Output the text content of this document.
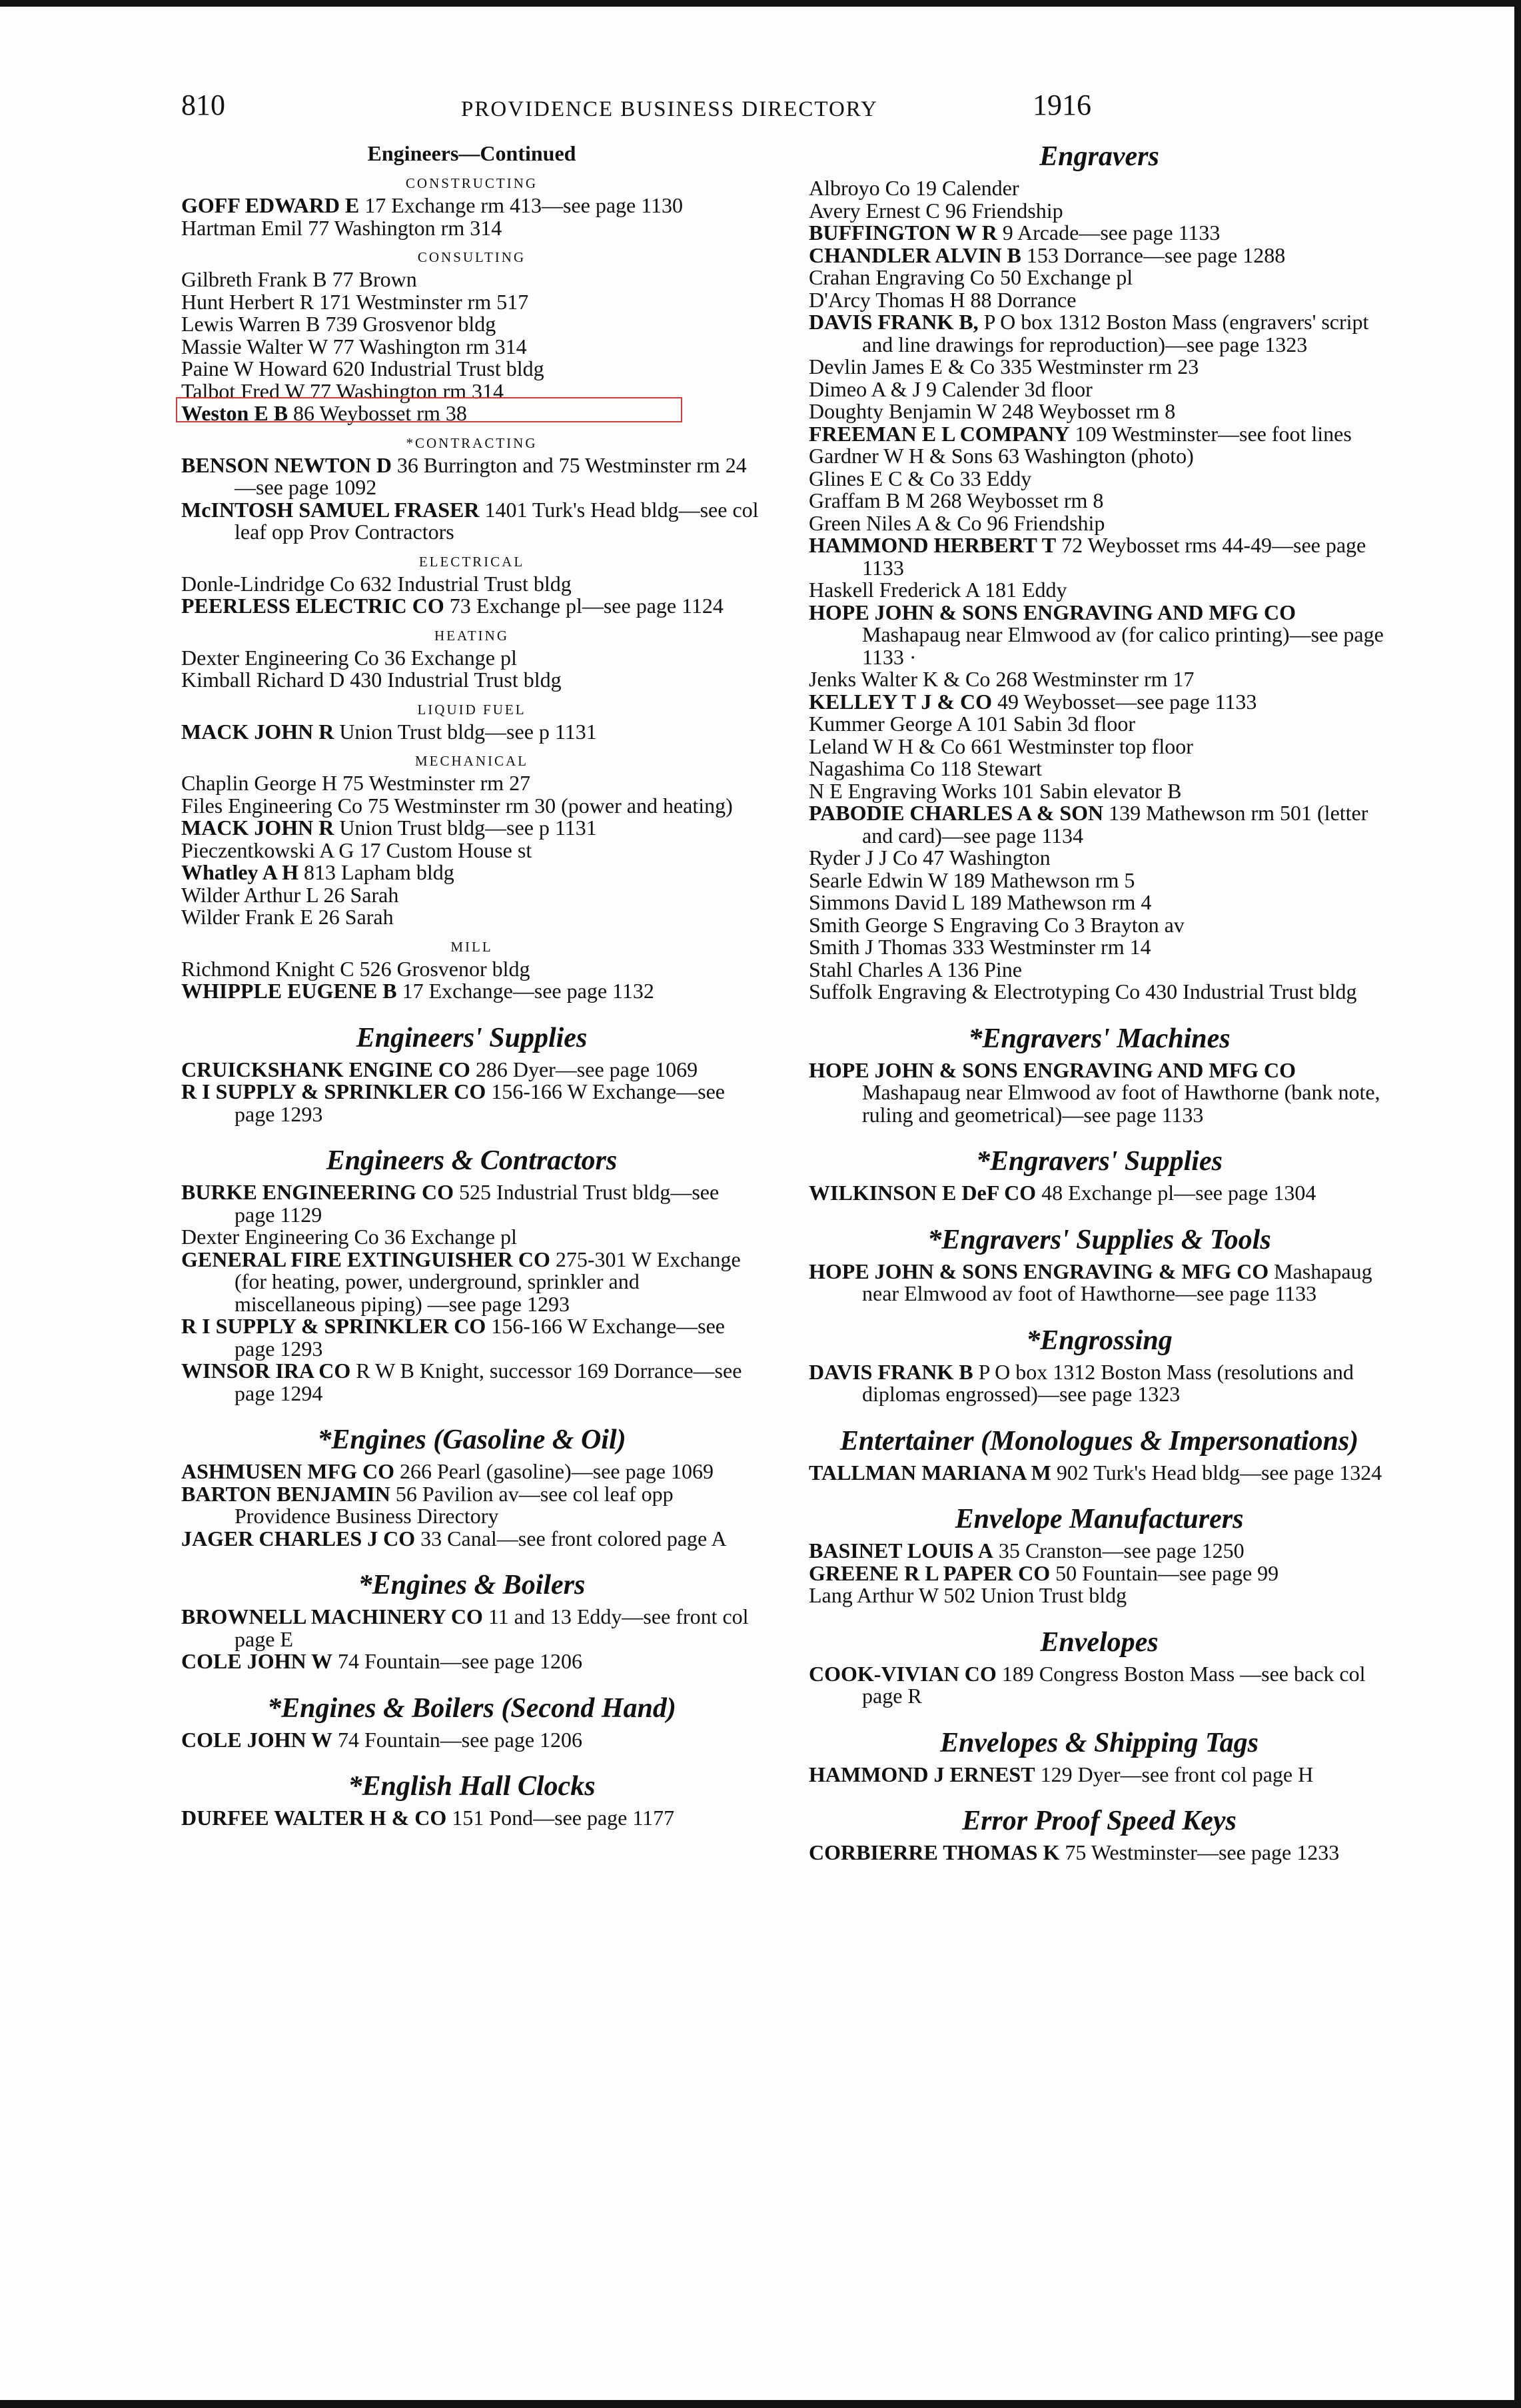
810	PROVIDENCE BUSINESS DIRECTORY	1916
Engineers—Continued
CONSTRUCTING
GOFF EDWARD E 17 Exchange rm 413—see page 1130
Hartman Emil 77 Washington rm 314
CONSULTING
Gilbreth Frank B 77 Brown
Hunt Herbert R 171 Westminster rm 517
Lewis Warren B 739 Grosvenor bldg
Massie Walter W 77 Washington rm 314
Paine W Howard 620 Industrial Trust bldg
Talbot Fred W 77 Washington rm 314
Weston E B 86 Weybosset rm 38
*CONTRACTING
BENSON NEWTON D 36 Burrington and 75 Westminster rm 24—see page 1092
McINTOSH SAMUEL FRASER 1401 Turk's Head bldg—see col leaf opp Prov Contractors
ELECTRICAL
Donle-Lindridge Co 632 Industrial Trust bldg
PEERLESS ELECTRIC CO 73 Exchange pl—see page 1124
HEATING
Dexter Engineering Co 36 Exchange pl
Kimball Richard D 430 Industrial Trust bldg
LIQUID FUEL
MACK JOHN R Union Trust bldg—see p 1131
MECHANICAL
Chaplin George H 75 Westminster rm 27
Files Engineering Co 75 Westminster rm 30 (power and heating)
MACK JOHN R Union Trust bldg—see p 1131
Pieczentkowski A G 17 Custom House st
Whatley A H 813 Lapham bldg
Wilder Arthur L 26 Sarah
Wilder Frank E 26 Sarah
MILL
Richmond Knight C 526 Grosvenor bldg
WHIPPLE EUGENE B 17 Exchange—see page 1132
Engineers' Supplies
CRUICKSHANK ENGINE CO 286 Dyer—see page 1069
R I SUPPLY & SPRINKLER CO 156-166 W Exchange—see page 1293
Engineers & Contractors
BURKE ENGINEERING CO 525 Industrial Trust bldg—see page 1129
Dexter Engineering Co 36 Exchange pl
GENERAL FIRE EXTINGUISHER CO 275-301 W Exchange (for heating, power, underground, sprinkler and miscellaneous piping) —see page 1293
R I SUPPLY & SPRINKLER CO 156-166 W Exchange—see page 1293
WINSOR IRA CO R W B Knight, successor 169 Dorrance—see page 1294
*Engines (Gasoline & Oil)
ASHMUSEN MFG CO 266 Pearl (gasoline)—see page 1069
BARTON BENJAMIN 56 Pavilion av—see col leaf opp Providence Business Directory
JAGER CHARLES J CO 33 Canal—see front colored page A
*Engines & Boilers
BROWNELL MACHINERY CO 11 and 13 Eddy—see front col page E
COLE JOHN W 74 Fountain—see page 1206
*Engines & Boilers (Second Hand)
COLE JOHN W 74 Fountain—see page 1206
*English Hall Clocks
DURFEE WALTER H & CO 151 Pond—see page 1177
Engravers
Albroyo Co 19 Calender
Avery Ernest C 96 Friendship
BUFFINGTON W R 9 Arcade—see page 1133
CHANDLER ALVIN B 153 Dorrance—see page 1288
Crahan Engraving Co 50 Exchange pl
D'Arcy Thomas H 88 Dorrance
DAVIS FRANK B, P O box 1312 Boston Mass (engravers' script and line drawings for reproduction)—see page 1323
Devlin James E & Co 335 Westminster rm 23
Dimeo A & J 9 Calender 3d floor
Doughty Benjamin W 248 Weybosset rm 8
FREEMAN E L COMPANY 109 Westminster—see foot lines
Gardner W H & Sons 63 Washington (photo)
Glines E C & Co 33 Eddy
Graffam B M 268 Weybosset rm 8
Green Niles A & Co 96 Friendship
HAMMOND HERBERT T 72 Weybosset rms 44-49—see page 1133
Haskell Frederick A 181 Eddy
HOPE JOHN & SONS ENGRAVING AND MFG CO Mashapaug near Elmwood av (for calico printing)—see page 1133 ·
Jenks Walter K & Co 268 Westminster rm 17
KELLEY T J & CO 49 Weybosset—see page 1133
Kummer George A 101 Sabin 3d floor
Leland W H & Co 661 Westminster top floor
Nagashima Co 118 Stewart
N E Engraving Works 101 Sabin elevator B
PABODIE CHARLES A & SON 139 Mathewson rm 501 (letter and card)—see page 1134
Ryder J J Co 47 Washington
Searle Edwin W 189 Mathewson rm 5
Simmons David L 189 Mathewson rm 4
Smith George S Engraving Co 3 Brayton av
Smith J Thomas 333 Westminster rm 14
Stahl Charles A 136 Pine
Suffolk Engraving & Electrotyping Co 430 Industrial Trust bldg
*Engravers' Machines
HOPE JOHN & SONS ENGRAVING AND MFG CO Mashapaug near Elmwood av foot of Hawthorne (bank note, ruling and geometrical)—see page 1133
*Engravers' Supplies
WILKINSON E DeF CO 48 Exchange pl—see page 1304
*Engravers' Supplies & Tools
HOPE JOHN & SONS ENGRAVING & MFG CO Mashapaug near Elmwood av foot of Hawthorne—see page 1133
*Engrossing
DAVIS FRANK B P O box 1312 Boston Mass (resolutions and diplomas engrossed)—see page 1323
Entertainer (Monologues & Impersonations)
TALLMAN MARIANA M 902 Turk's Head bldg—see page 1324
Envelope Manufacturers
BASINET LOUIS A 35 Cranston—see page 1250
GREENE R L PAPER CO 50 Fountain—see page 99
Lang Arthur W 502 Union Trust bldg
Envelopes
COOK-VIVIAN CO 189 Congress Boston Mass —see back col page R
Envelopes & Shipping Tags
HAMMOND J ERNEST 129 Dyer—see front col page H
Error Proof Speed Keys
CORBIERRE THOMAS K 75 Westminster—see page 1233
